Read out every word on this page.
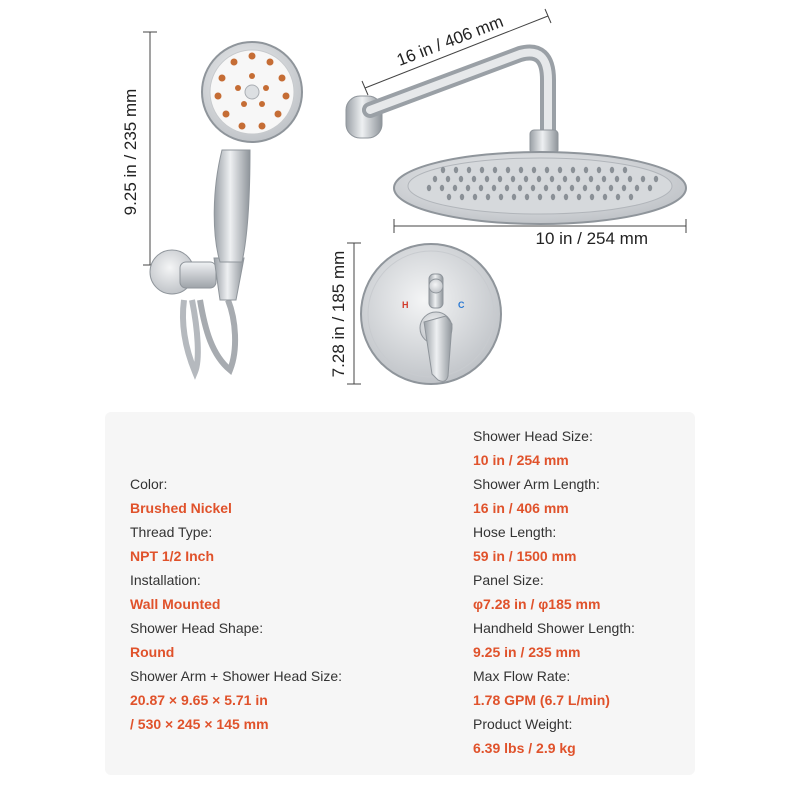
9.25 in / 235 mm
16 in / 406 mm
10 in / 254 mm
7.28 in / 185 mm	H	C
Color:
Brushed Nickel
Thread Type:
NPT 1/2 Inch
Installation:
Wall Mounted
Shower Head Shape:
Round
Shower Arm + Shower Head Size:
20.87 × 9.65 × 5.71 in
/ 530 × 245 × 145 mm
Shower Head Size:
10 in / 254 mm
Shower Arm Length:
16 in / 406 mm
Hose Length:
59 in / 1500 mm
Panel Size:
φ7.28 in / φ185 mm
Handheld Shower Length:
9.25 in / 235 mm
Max Flow Rate:
1.78 GPM (6.7 L/min)
Product Weight:
6.39 lbs / 2.9 kg
